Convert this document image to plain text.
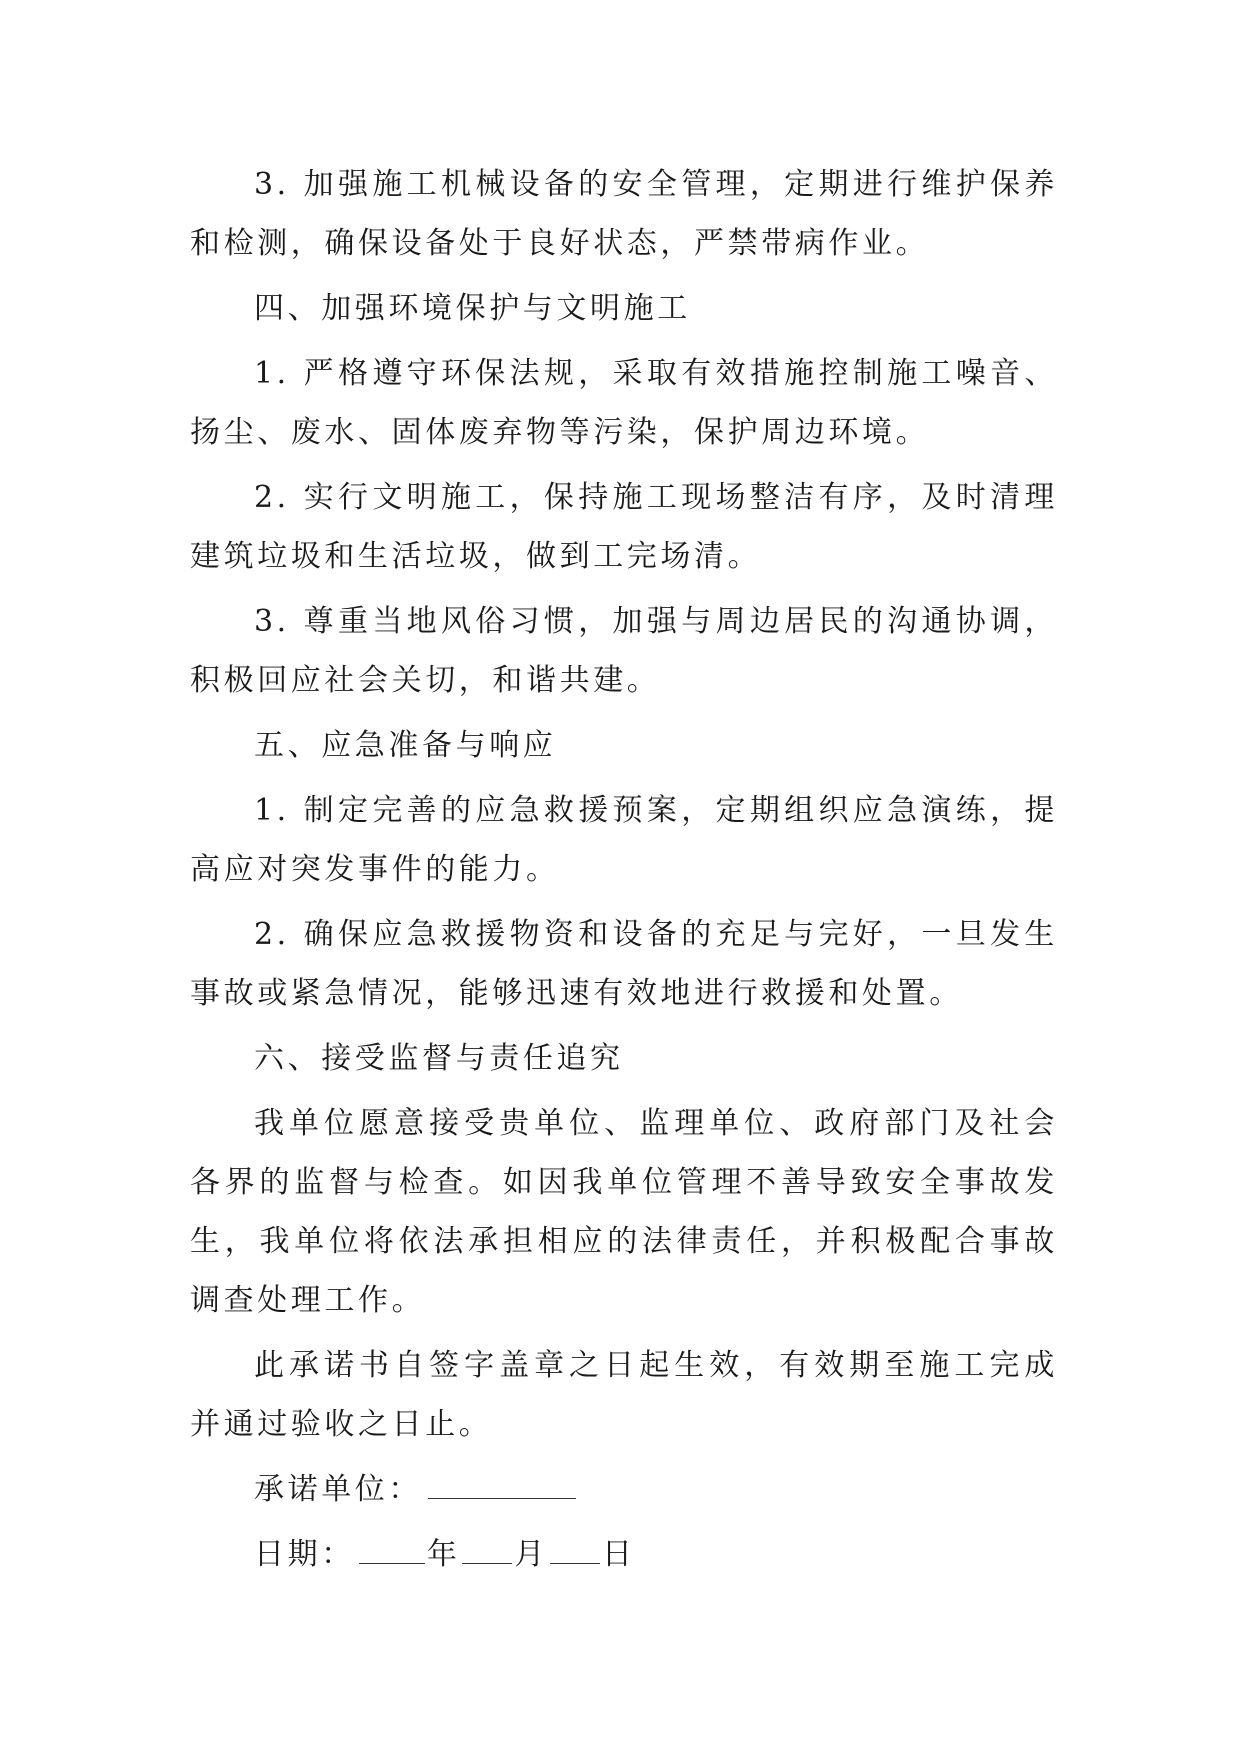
3. 加强施工机械设备的安全管理，定期进行维护保养和检测，确保设备处于良好状态，严禁带病作业。

四、加强环境保护与文明施工

1. 严格遵守环保法规，采取有效措施控制施工噪音、扬尘、废水、固体废弃物等污染，保护周边环境。

2. 实行文明施工，保持施工现场整洁有序，及时清理建筑垃圾和生活垃圾，做到工完场清。

3. 尊重当地风俗习惯，加强与周边居民的沟通协调，积极回应社会关切，和谐共建。

五、应急准备与响应

1. 制定完善的应急救援预案，定期组织应急演练，提高应对突发事件的能力。

2. 确保应急救援物资和设备的充足与完好，一旦发生事故或紧急情况，能够迅速有效地进行救援和处置。

六、接受监督与责任追究

我单位愿意接受贵单位、监理单位、政府部门及社会各界的监督与检查。如因我单位管理不善导致安全事故发生，我单位将依法承担相应的法律责任，并积极配合事故调查处理工作。

此承诺书自签字盖章之日起生效，有效期至施工完成并通过验收之日止。

承诺单位：

日期： 年 月 日
